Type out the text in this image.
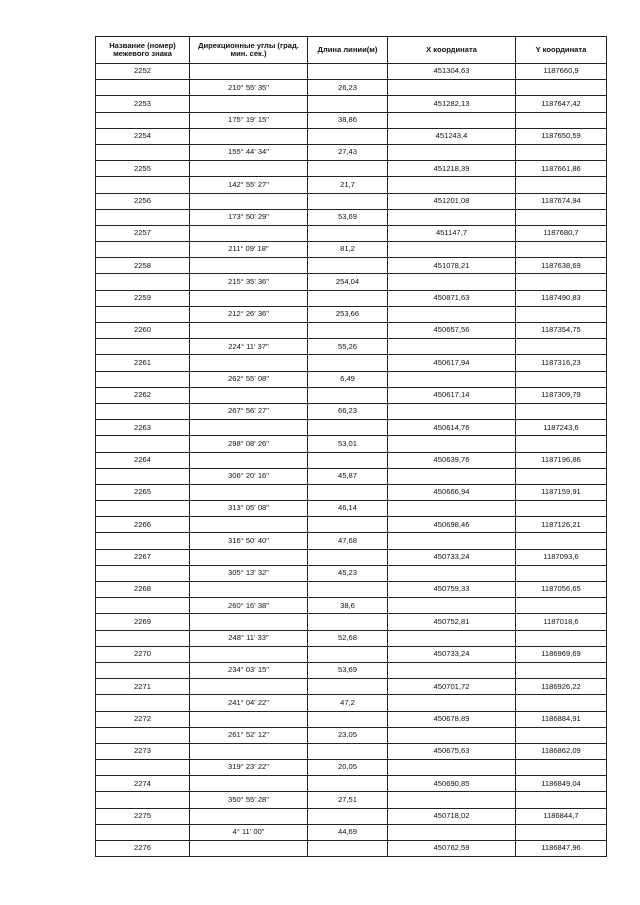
Название (номер) межевого знака	Дирекционные углы (град. мин. сек.)	Длина линии(м)	X координата	Y координата
2252			451304,63	1187660,9
	210° 55' 35"	26,23		
2253			451282,13	1187647,42
	175° 19' 15"	38,86		
2254			451243,4	1187650,59
	155° 44' 34"	27,43		
2255			451218,39	1187661,86
	142° 55' 27"	21,7		
2256			451201,08	1187674,94
	173° 50' 29"	53,69		
2257			451147,7	1187680,7
	211° 09' 18"	81,2		
2258			451078,21	1187638,69
	215° 35' 36"	254,04		
2259			450871,63	1187490,83
	212° 26' 36"	253,66		
2260			450657,56	1187354,75
	224° 11' 37"	55,26		
2261			450617,94	1187316,23
	262° 55' 08"	6,49		
2262			450617,14	1187309,79
	267° 56' 27"	66,23		
2263			450614,76	1187243,6
	298° 08' 26"	53,01		
2264			450639,76	1187196,86
	306° 20' 16"	45,87		
2265			450666,94	1187159,91
	313° 05' 08"	46,14		
2266			450698,46	1187126,21
	316° 50' 40"	47,68		
2267			450733,24	1187093,6
	305° 13' 32"	45,23		
2268			450759,33	1187056,65
	260° 16' 38"	38,6		
2269			450752,81	1187018,6
	248° 11' 33"	52,68		
2270			450733,24	1186969,69
	234° 03' 15"	53,69		
2271			450701,72	1186926,22
	241° 04' 22"	47,2		
2272			450678,89	1186884,91
	261° 52' 12"	23,05		
2273			450675,63	1186862,09
	319° 23' 22"	20,05		
2274			450690,85	1186849,04
	350° 55' 28"	27,51		
2275			450718,02	1186844,7
	4° 11' 00"	44,69		
2276			450762,59	1186847,96
